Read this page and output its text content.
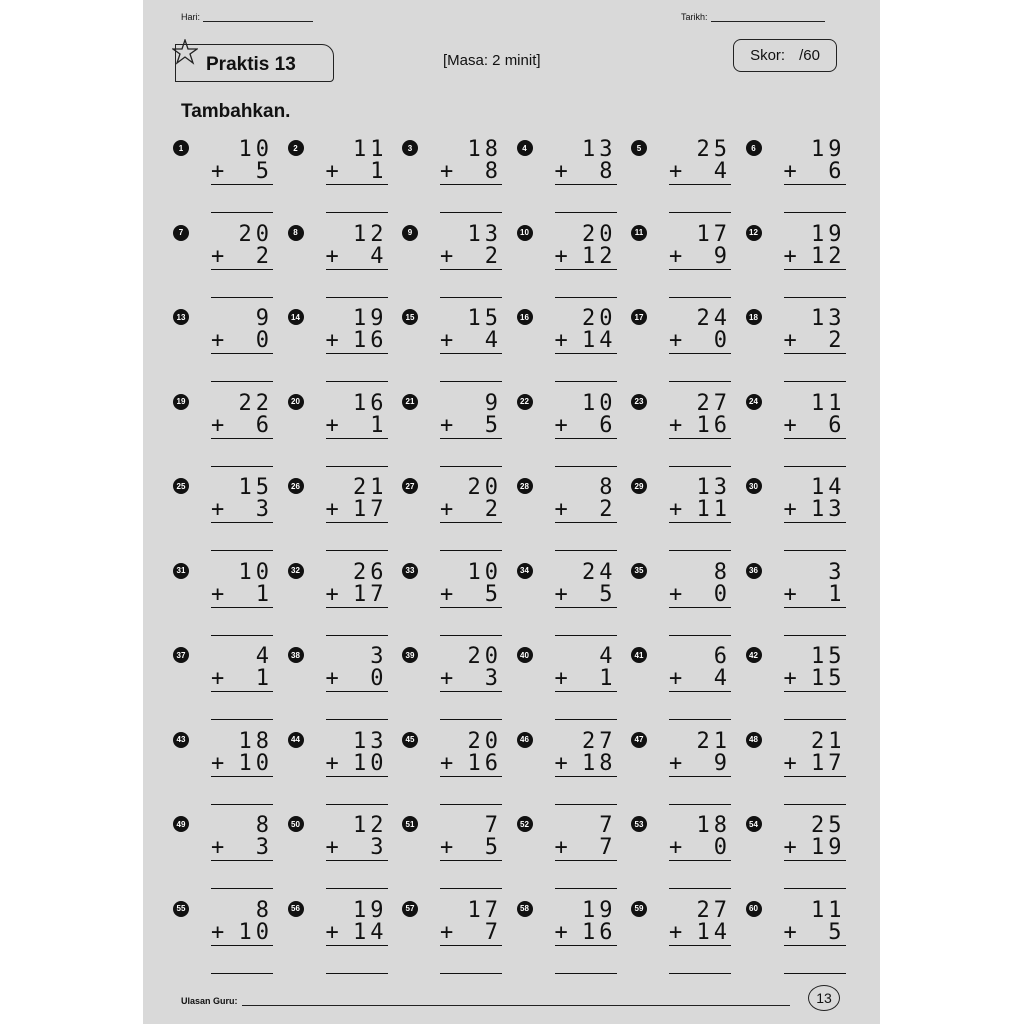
Hari:	Tarikh:
Praktis 13	[Masa: 2 minit]	Skor: /60
Tambahkan.
1	10
+ 5
2	11
+ 1
3	18
+ 8
4	13
+ 8
5	25
+ 4
6	19
+ 6
7	20
+ 2
8	12
+ 4
9	13
+ 2
10 20
+ 12
11 17
+ 9
12 19
+ 12
13	9
+ 0
14 19
+ 16
15 15
+ 4
16 20
+ 14
17 24
+ 0
18 13
+ 2
19 22
+ 6
20 16
+ 1
21	9
+ 5
22 10
+ 6
23 27
+ 16
24 11
+ 6
25 15
+ 3
26 21
+ 17
27 20
+ 2
28	8
+ 2
29 13
+ 11
30 14
+ 13
31 10
+ 1
32 26
+ 17
33 10
+ 5
34 24
+ 5
35	8
+ 0
36	3
+ 1
37	4
+ 1
38	3
+ 0
39 20
+ 3
40	4
+ 1
41	6
+ 4
42 15
+ 15
43 18
+ 10
44 13
+ 10
45 20
+ 16
46 27
+ 18
47 21
+ 9
48 21
+ 17
49	8
+ 3
50 12
+ 3
51	7
+ 5
52	7
+ 7
53 18
+ 0
54 25
+ 19
55	8
+ 10
56 19
+ 14
57 17
+ 7
58 19
+ 16
59 27
+ 14
60 11
+ 5
Ulasan Guru:	13
